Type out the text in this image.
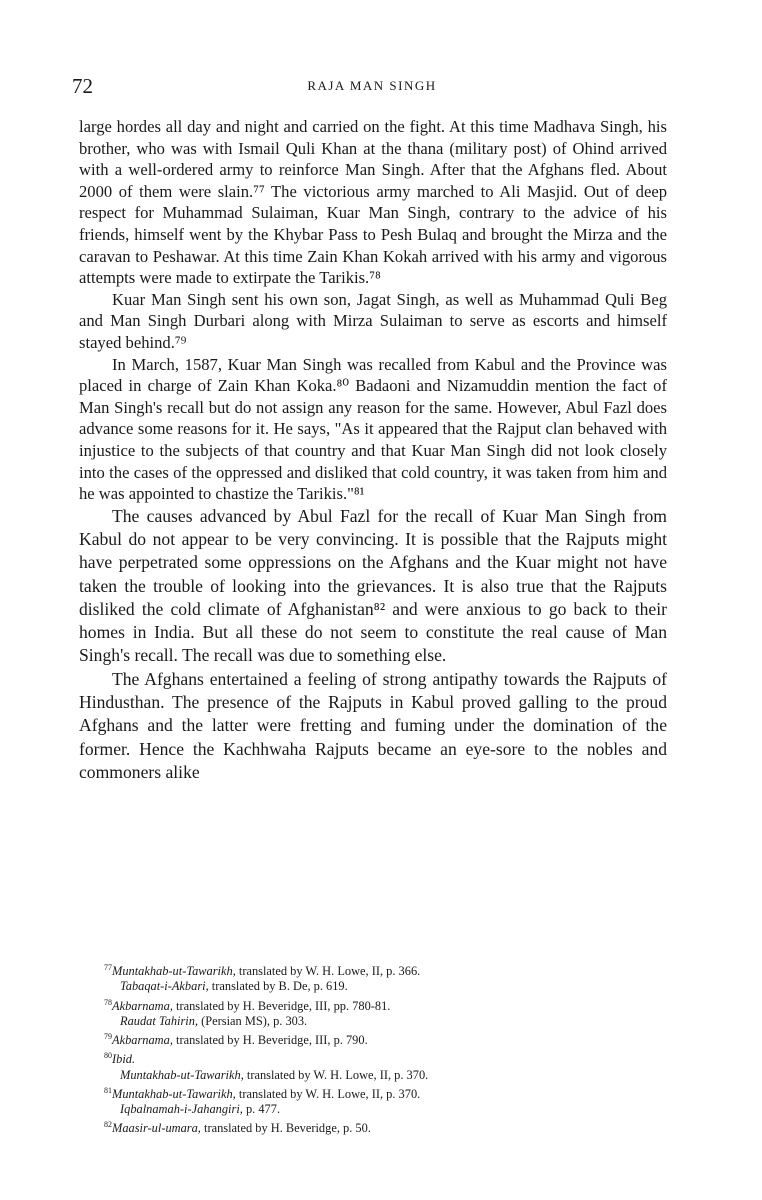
72	RAJA MAN SINGH

large hordes all day and night and carried on the fight. At this time Madhava Singh, his brother, who was with Ismail Quli Khan at the thana (military post) of Ohind arrived with a well-ordered army to reinforce Man Singh. After that the Afghans fled. About 2000 of them were slain.⁷⁷ The victorious army marched to Ali Masjid. Out of deep respect for Muhammad Sulaiman, Kuar Man Singh, contrary to the advice of his friends, himself went by the Khybar Pass to Pesh Bulaq and brought the Mirza and the caravan to Peshawar. At this time Zain Khan Kokah arrived with his army and vigorous attempts were made to extirpate the Tarikis.⁷⁸

Kuar Man Singh sent his own son, Jagat Singh, as well as Muhammad Quli Beg and Man Singh Durbari along with Mirza Sulaiman to serve as escorts and himself stayed behind.⁷⁹

In March, 1587, Kuar Man Singh was recalled from Kabul and the Province was placed in charge of Zain Khan Koka.⁸⁰ Badaoni and Nizamuddin mention the fact of Man Singh's recall but do not assign any reason for the same. However, Abul Fazl does advance some reasons for it. He says, "As it appeared that the Rajput clan behaved with injustice to the subjects of that country and that Kuar Man Singh did not look closely into the cases of the oppressed and disliked that cold country, it was taken from him and he was appointed to chastize the Tarikis."⁸¹

The causes advanced by Abul Fazl for the recall of Kuar Man Singh from Kabul do not appear to be very convincing. It is possible that the Rajputs might have perpetrated some oppressions on the Afghans and the Kuar might not have taken the trouble of looking into the grievances. It is also true that the Rajputs disliked the cold climate of Afghanistan⁸² and were anxious to go back to their homes in India. But all these do not seem to constitute the real cause of Man Singh's recall. The recall was due to something else.

The Afghans entertained a feeling of strong antipathy towards the Rajputs of Hindusthan. The presence of the Rajputs in Kabul proved galling to the proud Afghans and the latter were fretting and fuming under the domination of the former. Hence the Kachhwaha Rajputs became an eye-sore to the nobles and commoners alike

77Muntakhab-ut-Tawarikh, translated by W. H. Lowe, II, p. 366.
Tabaqat-i-Akbari, translated by B. De, p. 619.
78Akbarnama, translated by H. Beveridge, III, pp. 780-81.
Raudat Tahirin, (Persian MS), p. 303.
79Akbarnama, translated by H. Beveridge, III, p. 790.
80Ibid.
Muntakhab-ut-Tawarikh, translated by W. H. Lowe, II, p. 370.
81Muntakhab-ut-Tawarikh, translated by W. H. Lowe, II, p. 370.
Iqbalnamah-i-Jahangiri, p. 477.
82Maasir-ul-umara, translated by H. Beveridge, p. 50.
